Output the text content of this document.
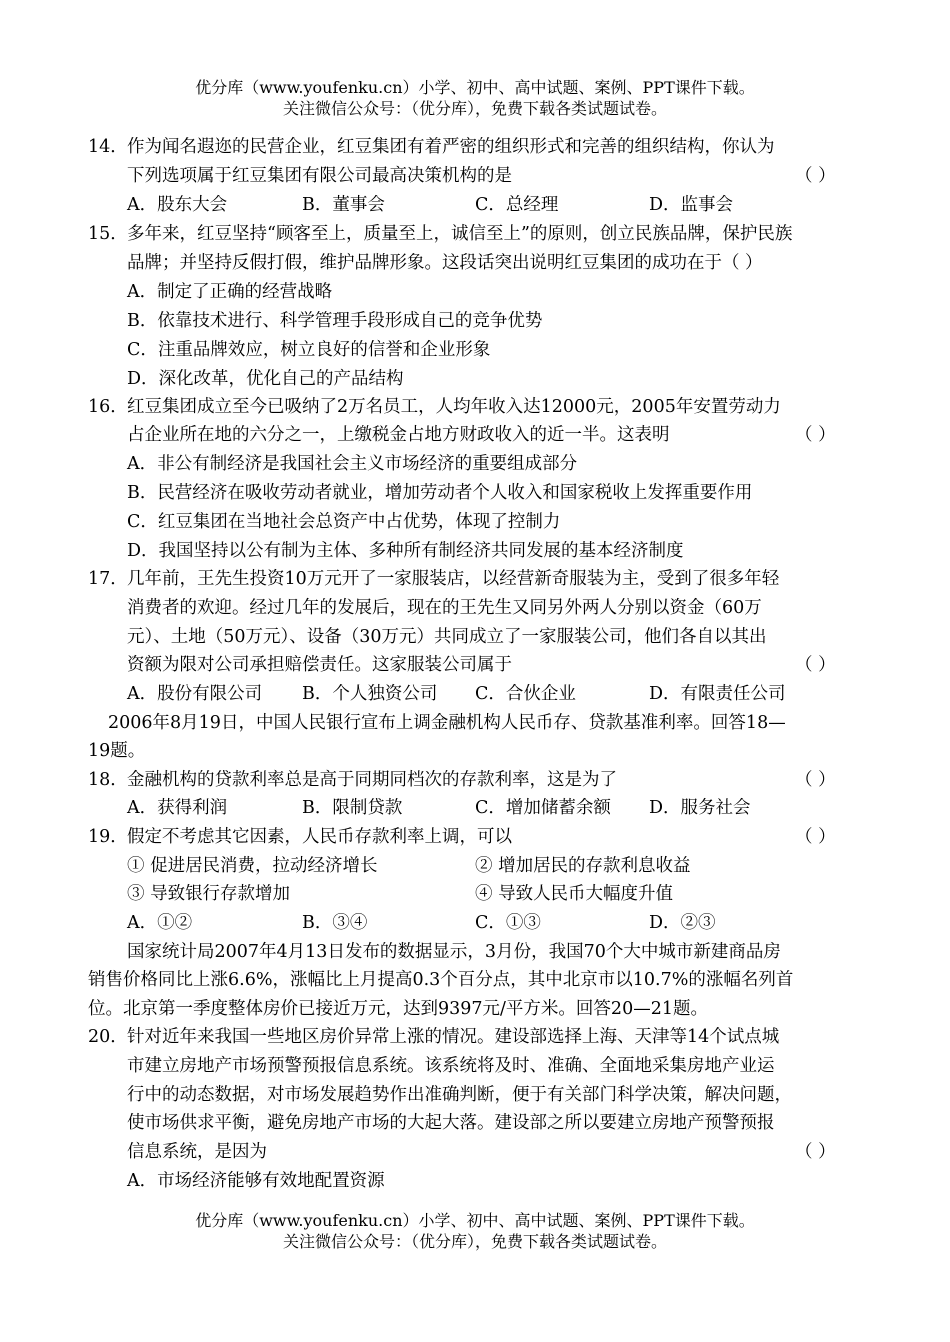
优分库（www.youfenku.cn）小学、初中、高中试题、案例、PPT课件下载。
关注微信公众号：（优分库），免费下载各类试题试卷。
14． 作为闻名遐迩的民营企业，红豆集团有着严密的组织形式和完善的组织结构，你认为
下列选项属于红豆集团有限公司最高决策机构的是	（ ）
A．股东大会	B．董事会	C．总经理	D．监事会
15． 多年来，红豆坚持“顾客至上，质量至上，诚信至上”的原则，创立民族品牌，保护民族
品牌；并坚持反假打假，维护品牌形象。这段话突出说明红豆集团的成功在于（ ）
A．制定了正确的经营战略
B．依靠技术进行、科学管理手段形成自己的竞争优势
C．注重品牌效应，树立良好的信誉和企业形象
D．深化改革，优化自己的产品结构
16． 红豆集团成立至今已吸纳了2万名员工，人均年收入达12000元，2005年安置劳动力
占企业所在地的六分之一，上缴税金占地方财政收入的近一半。这表明	（ ）
A．非公有制经济是我国社会主义市场经济的重要组成部分
B．民营经济在吸收劳动者就业，增加劳动者个人收入和国家税收上发挥重要作用
C．红豆集团在当地社会总资产中占优势，体现了控制力
D．我国坚持以公有制为主体、多种所有制经济共同发展的基本经济制度
17． 几年前，王先生投资10万元开了一家服装店，以经营新奇服装为主，受到了很多年轻
消费者的欢迎。经过几年的发展后，现在的王先生又同另外两人分别以资金（60万
元）、土地（50万元）、设备（30万元）共同成立了一家服装公司，他们各自以其出
资额为限对公司承担赔偿责任。这家服装公司属于	（ ）
A．股份有限公司 B．个人独资公司 C．合伙企业	D．有限责任公司
2006年8月19日，中国人民银行宣布上调金融机构人民币存、贷款基准利率。回答18—
19题。
18． 金融机构的贷款利率总是高于同期同档次的存款利率，这是为了	（ ）
A．获得利润	B．限制贷款	C．增加储蓄余额 D．服务社会
19． 假定不考虑其它因素，人民币存款利率上调，可以	（ ）
① 促进居民消费，拉动经济增长	② 增加居民的存款利息收益
③ 导致银行存款增加	④ 导致人民币大幅度升值
A．①②	B．③④	C．①③	D．②③
国家统计局2007年4月13日发布的数据显示，3月份，我国70个大中城市新建商品房
销售价格同比上涨6.6%，涨幅比上月提高0.3个百分点，其中北京市以10.7%的涨幅名列首
位。北京第一季度整体房价已接近万元，达到9397元/平方米。回答20—21题。
20． 针对近年来我国一些地区房价异常上涨的情况。建设部选择上海、天津等14个试点城
市建立房地产市场预警预报信息系统。该系统将及时、准确、全面地采集房地产业运
行中的动态数据，对市场发展趋势作出准确判断，便于有关部门科学决策，解决问题，
使市场供求平衡，避免房地产市场的大起大落。建设部之所以要建立房地产预警预报
信息系统，是因为	（ ）
A．市场经济能够有效地配置资源
优分库（www.youfenku.cn）小学、初中、高中试题、案例、PPT课件下载。
关注微信公众号：（优分库），免费下载各类试题试卷。
